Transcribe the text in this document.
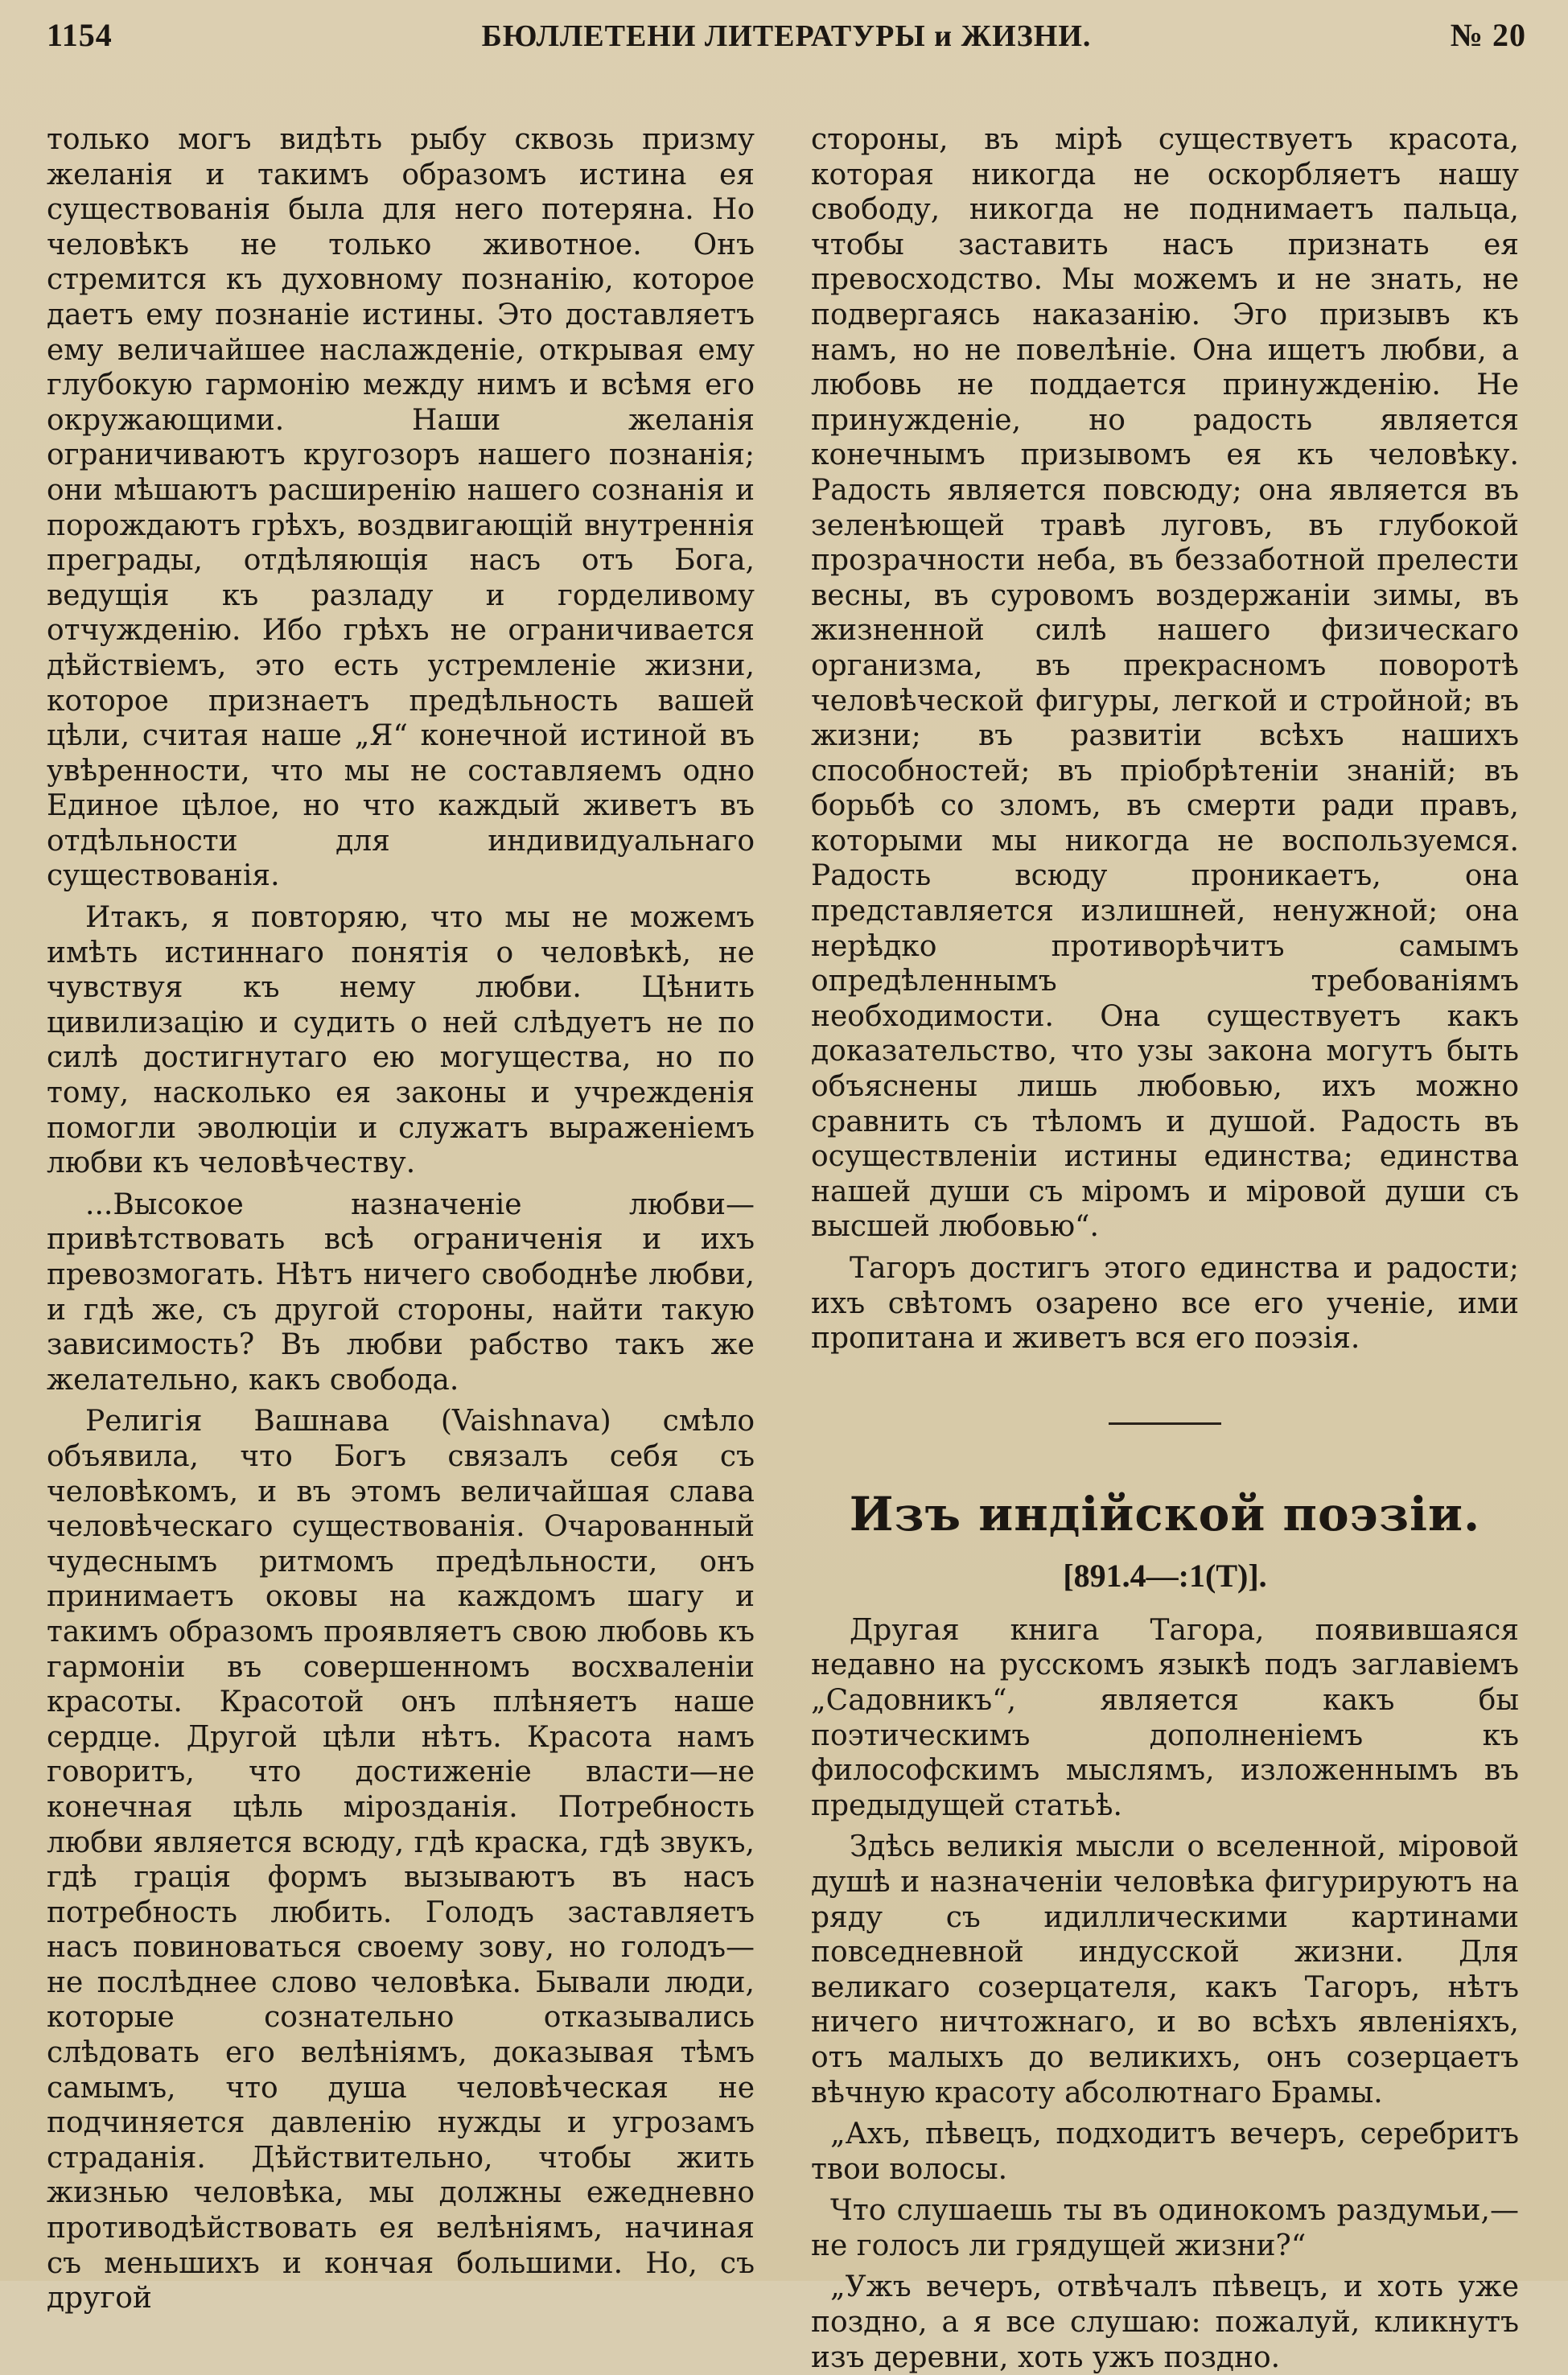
1154	БЮЛЛЕТЕНИ ЛИТЕРАТУРЫ и ЖИЗНИ.	№ 20

только могъ видѣть рыбу сквозь призму желанія и такимъ образомъ истина ея существованія была для него потеряна. Но человѣкъ не только животное. Онъ стремится къ духовному познанію, которое даетъ ему познаніе истины. Это доставляетъ ему величайшее наслажденіе, открывая ему глубокую гармонію между нимъ и всѣмя его окружающими. Наши желанія ограничиваютъ кругозоръ нашего познанія; они мѣшаютъ расширенію нашего сознанія и порождаютъ грѣхъ, воздвигающій внутреннія преграды, отдѣляющія насъ отъ Бога, ведущія къ разладу и горделивому отчужденію. Ибо грѣхъ не ограничивается дѣйствіемъ, это есть устремленіе жизни, которое признаетъ предѣльность вашей цѣли, считая наше „Я“ конечной истиной въ увѣренности, что мы не составляемъ одно Единое цѣлое, но что каждый живетъ въ отдѣльности для индивидуальнаго существованія.

Итакъ, я повторяю, что мы не можемъ имѣть истиннаго понятія о человѣкѣ, не чувствуя къ нему любви. Цѣнить цивилизацію и судить о ней слѣдуетъ не по силѣ достигнутаго ею могущества, но по тому, насколько ея законы и учрежденія помогли эволюціи и служатъ выраженіемъ любви къ человѣчеству.

...Высокое назначеніе любви—привѣтствовать всѣ ограниченія и ихъ превозмогать. Нѣтъ ничего свободнѣе любви, и гдѣ же, съ другой стороны, найти такую зависимость? Въ любви рабство такъ же желательно, какъ свобода.

Религія Вашнава (Vaishnava) смѣло объявила, что Богъ связалъ себя съ человѣкомъ, и въ этомъ величайшая слава человѣческаго существованія. Очарованный чудеснымъ ритмомъ предѣльности, онъ принимаетъ оковы на каждомъ шагу и такимъ образомъ проявляетъ свою любовь къ гармоніи въ совершенномъ восхваленіи красоты. Красотой онъ плѣняетъ наше сердце. Другой цѣли нѣтъ. Красота намъ говоритъ, что достиженіе власти—не конечная цѣль мірозданія. Потребность любви является всюду, гдѣ краска, гдѣ звукъ, гдѣ грація формъ вызываютъ въ насъ потребность любить. Голодъ заставляетъ насъ повиноваться своему зову, но голодъ—не послѣднее слово человѣка. Бывали люди, которые сознательно отказывались слѣдовать его велѣніямъ, доказывая тѣмъ самымъ, что душа человѣческая не подчиняется давленію нужды и угрозамъ страданія. Дѣйствительно, чтобы жить жизнью человѣка, мы должны ежедневно противодѣйствовать ея велѣніямъ, начиная съ меньшихъ и кончая большими. Но, съ другой

стороны, въ мірѣ существуетъ красота, которая никогда не оскорбляетъ нашу свободу, никогда не поднимаетъ пальца, чтобы заставить насъ признать ея превосходство. Мы можемъ и не знать, не подвергаясь наказанію. Эго призывъ къ намъ, но не повелѣніе. Она ищетъ любви, а любовь не поддается принужденію. Не принужденіе, но радость является конечнымъ призывомъ ея къ человѣку. Радость является повсюду; она является въ зеленѣющей травѣ луговъ, въ глубокой прозрачности неба, въ беззаботной прелести весны, въ суровомъ воздержаніи зимы, въ жизненной силѣ нашего физическаго организма, въ прекрасномъ поворотѣ человѣческой фигуры, легкой и стройной; въ жизни; въ развитіи всѣхъ нашихъ способностей; въ пріобрѣтеніи знаній; въ борьбѣ со зломъ, въ смерти ради правъ, которыми мы никогда не воспользуемся. Радость всюду проникаетъ, она представляется излишней, ненужной; она нерѣдко противорѣчитъ самымъ опредѣленнымъ требованіямъ необходимости. Она существуетъ какъ доказательство, что узы закона могутъ быть объяснены лишь любовью, ихъ можно сравнить съ тѣломъ и душой. Радость въ осуществленіи истины единства; единства нашей души съ міромъ и міровой души съ высшей любовью“.

Тагоръ достигъ этого единства и радости; ихъ свѣтомъ озарено все его ученіе, ими пропитана и живетъ вся его поэзія.

Изъ индійской поэзіи.
[891.4—:1(Т)].

Другая книга Тагора, появившаяся недавно на русскомъ языкѣ подъ заглавіемъ „Садовникъ“, является какъ бы поэтическимъ дополненіемъ къ философскимъ мыслямъ, изложеннымъ въ предыдущей статьѣ.

Здѣсь великія мысли о вселенной, міровой душѣ и назначеніи человѣка фигурируютъ на ряду съ идиллическими картинами повседневной индусской жизни. Для великаго созерцателя, какъ Тагоръ, нѣтъ ничего ничтожнаго, и во всѣхъ явленіяхъ, отъ малыхъ до великихъ, онъ созерцаетъ вѣчную красоту абсолютнаго Брамы.

„Ахъ, пѣвецъ, подходитъ вечеръ, серебритъ твои волосы.

Что слушаешь ты въ одинокомъ раздумьи,— не голосъ ли грядущей жизни?“

„Ужъ вечеръ, отвѣчалъ пѣвецъ, и хоть уже поздно, а я все слушаю: пожалуй, кликнутъ изъ деревни, хоть ужъ поздно.
